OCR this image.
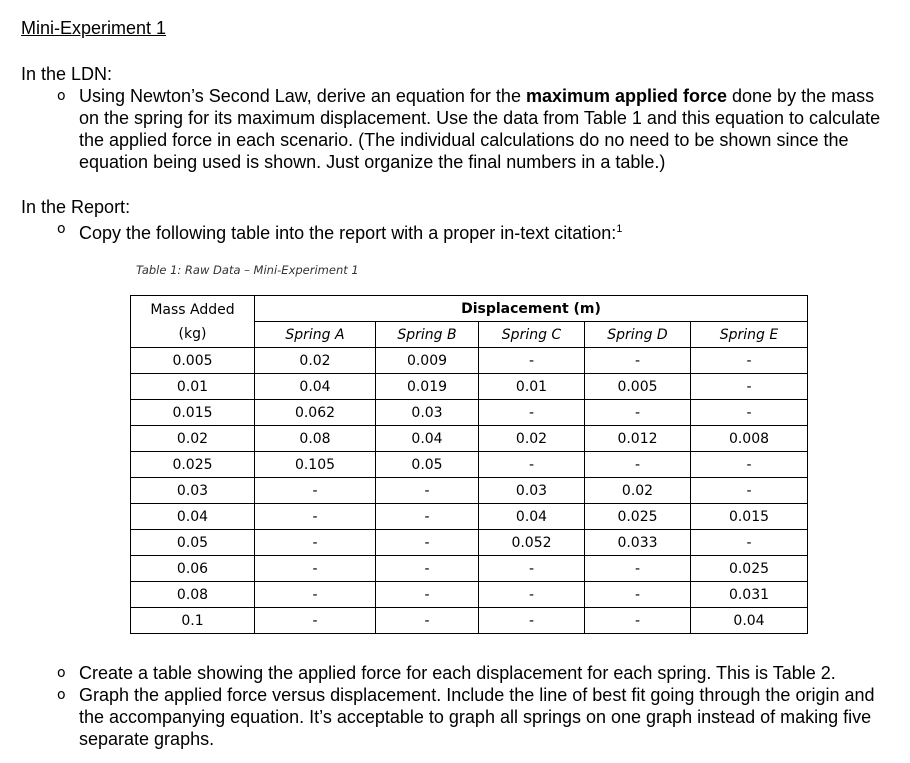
Mini-Experiment 1
In the LDN:
o Using Newton’s Second Law, derive an equation for the maximum applied force done by the mass on the spring for its maximum displacement. Use the data from Table 1 and this equation to calculate the applied force in each scenario. (The individual calculations do no need to be shown since the equation being used is shown. Just organize the final numbers in a table.)
In the Report:
o Copy the following table into the report with a proper in-text citation:$^1$
Table 1: Raw Data – Mini-Experiment 1
Mass Added
(kg)	Displacement (m)				
	Spring A	Spring B	Spring C	Spring D	Spring E
0.005	0.02	0.009	-	-	-
0.01	0.04	0.019	0.01	0.005	-
0.015	0.062	0.03	-	-	-
0.02	0.08	0.04	0.02	0.012	0.008
0.025	0.105	0.05	-	-	-
0.03	-	-	0.03	0.02	-
0.04	-	-	0.04	0.025	0.015
0.05	-	-	0.052	0.033	-
0.06	-	-	-	-	0.025
0.08	-	-	-	-	0.031
0.1	-	-	-	-	0.04
o Create a table showing the applied force for each displacement for each spring. This is Table 2.
o Graph the applied force versus displacement. Include the line of best fit going through the origin and the accompanying equation. It’s acceptable to graph all springs on one graph instead of making five separate graphs.
